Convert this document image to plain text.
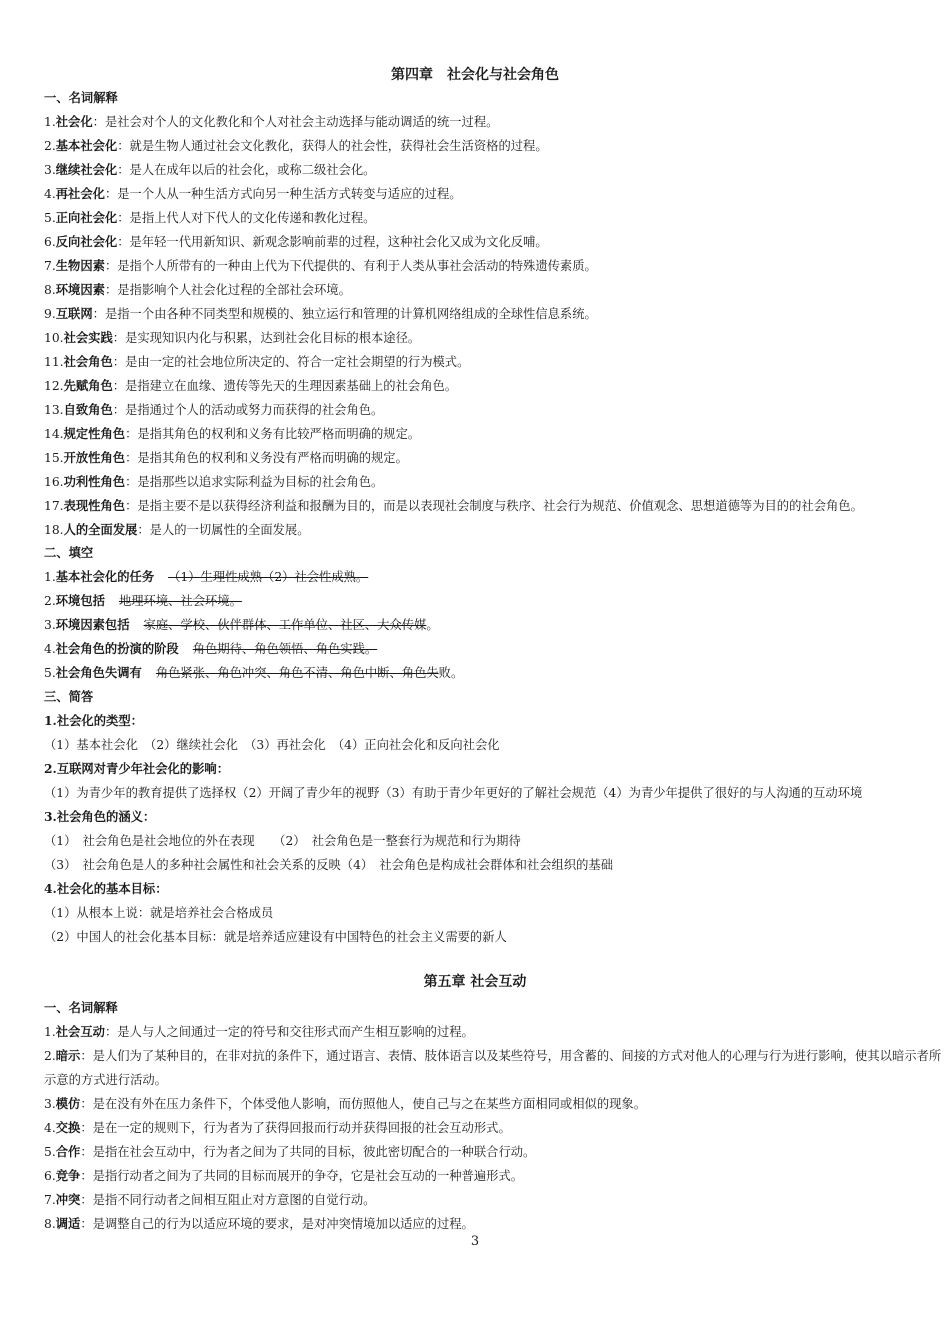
第四章　社会化与社会角色
一、名词解释
1.社会化：是社会对个人的文化教化和个人对社会主动选择与能动调适的统一过程。
2.基本社会化：就是生物人通过社会文化教化，获得人的社会性，获得社会生活资格的过程。
3.继续社会化：是人在成年以后的社会化，或称二级社会化。
4.再社会化：是一个人从一种生活方式向另一种生活方式转变与适应的过程。
5.正向社会化：是指上代人对下代人的文化传递和教化过程。
6.反向社会化：是年轻一代用新知识、新观念影响前辈的过程，这种社会化又成为文化反哺。
7.生物因素：是指个人所带有的一种由上代为下代提供的、有利于人类从事社会活动的特殊遗传素质。
8.环境因素：是指影响个人社会化过程的全部社会环境。
9.互联网：是指一个由各种不同类型和规模的、独立运行和管理的计算机网络组成的全球性信息系统。
10.社会实践：是实现知识内化与积累，达到社会化目标的根本途径。
11.社会角色：是由一定的社会地位所决定的、符合一定社会期望的行为模式。
12.先赋角色：是指建立在血缘、遗传等先天的生理因素基础上的社会角色。
13.自致角色：是指通过个人的活动或努力而获得的社会角色。
14.规定性角色：是指其角色的权利和义务有比较严格而明确的规定。
15.开放性角色：是指其角色的权利和义务没有严格而明确的规定。
16.功利性角色：是指那些以追求实际利益为目标的社会角色。
17.表现性角色：是指主要不是以获得经济利益和报酬为目的，而是以表现社会制度与秩序、社会行为规范、价值观念、思想道德等为目的的社会角色。
18.人的全面发展：是人的一切属性的全面发展。
二、填空
1.基本社会化的任务 （1）生理性成熟（2）社会性成熟。
2.环境包括 地理环境、社会环境。
3.环境因素包括 家庭、学校、伙伴群体、工作单位、社区、大众传媒。
4.社会角色的扮演的阶段 角色期待、角色领悟、角色实践。
5.社会角色失调有 角色紧张、角色冲突、角色不清、角色中断、角色失败。
三、简答
1.社会化的类型：
（1）基本社会化　（2）继续社会化　（3）再社会化　（4）正向社会化和反向社会化
2.互联网对青少年社会化的影响：
（1）为青少年的教育提供了选择权（2）开阔了青少年的视野（3）有助于青少年更好的了解社会规范（4）为青少年提供了很好的与人沟通的互动环境
3.社会角色的涵义：
（1）　社会角色是社会地位的外在表现　　（2）　社会角色是一整套行为规范和行为期待
（3）　社会角色是人的多种社会属性和社会关系的反映（4）　社会角色是构成社会群体和社会组织的基础
4.社会化的基本目标：
（1）从根本上说：就是培养社会合格成员
（2）中国人的社会化基本目标：就是培养适应建设有中国特色的社会主义需要的新人
第五章 社会互动
一、名词解释
1.社会互动：是人与人之间通过一定的符号和交往形式而产生相互影响的过程。
2.暗示：是人们为了某种目的，在非对抗的条件下，通过语言、表情、肢体语言以及某些符号，用含蓄的、间接的方式对他人的心理与行为进行影响，使其以暗示者所示意的方式进行活动。
3.模仿：是在没有外在压力条件下，个体受他人影响，而仿照他人，使自己与之在某些方面相同或相似的现象。
4.交换：是在一定的规则下，行为者为了获得回报而行动并获得回报的社会互动形式。
5.合作：是指在社会互动中，行为者之间为了共同的目标，彼此密切配合的一种联合行动。
6.竞争：是指行动者之间为了共同的目标而展开的争夺，它是社会互动的一种普遍形式。
7.冲突：是指不同行动者之间相互阻止对方意图的自觉行动。
8.调适：是调整自己的行为以适应环境的要求，是对冲突情境加以适应的过程。
3
